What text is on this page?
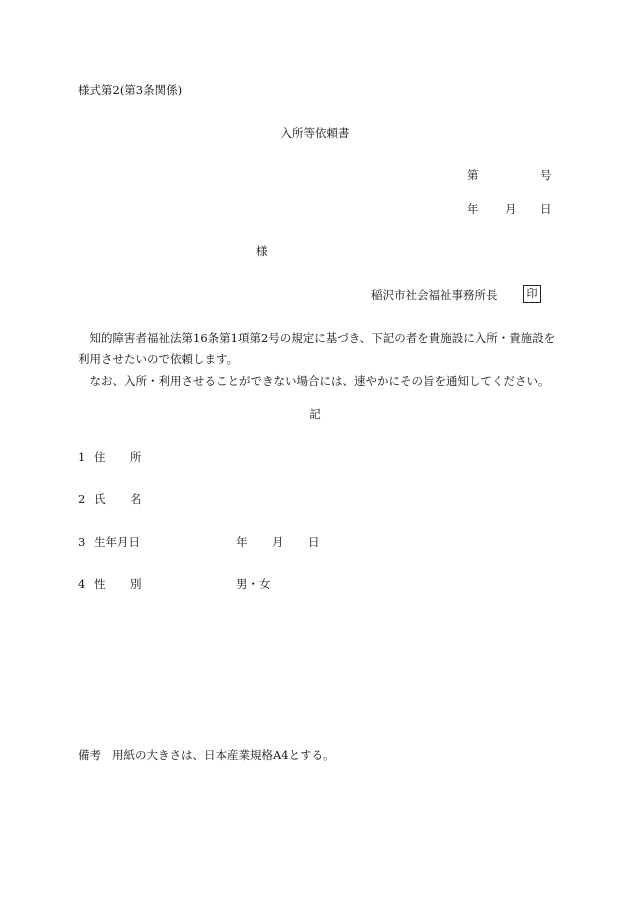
様式第2(第3条関係)
入所等依頼書
第	号
年 月 日
様
稲沢市社会福祉事務所長	印
知的障害者福祉法第16条第1項第2号の規定に基づき、下記の者を貴施設に入所・貴施設を利用させたいので依頼します。
なお、入所・利用させることができない場合には、速やかにその旨を通知してください。
記
1 住 所
2 氏 名
3 生年月日	年 月 日
4 性 別	男・女
備考 用紙の大きさは、日本産業規格A4とする。
